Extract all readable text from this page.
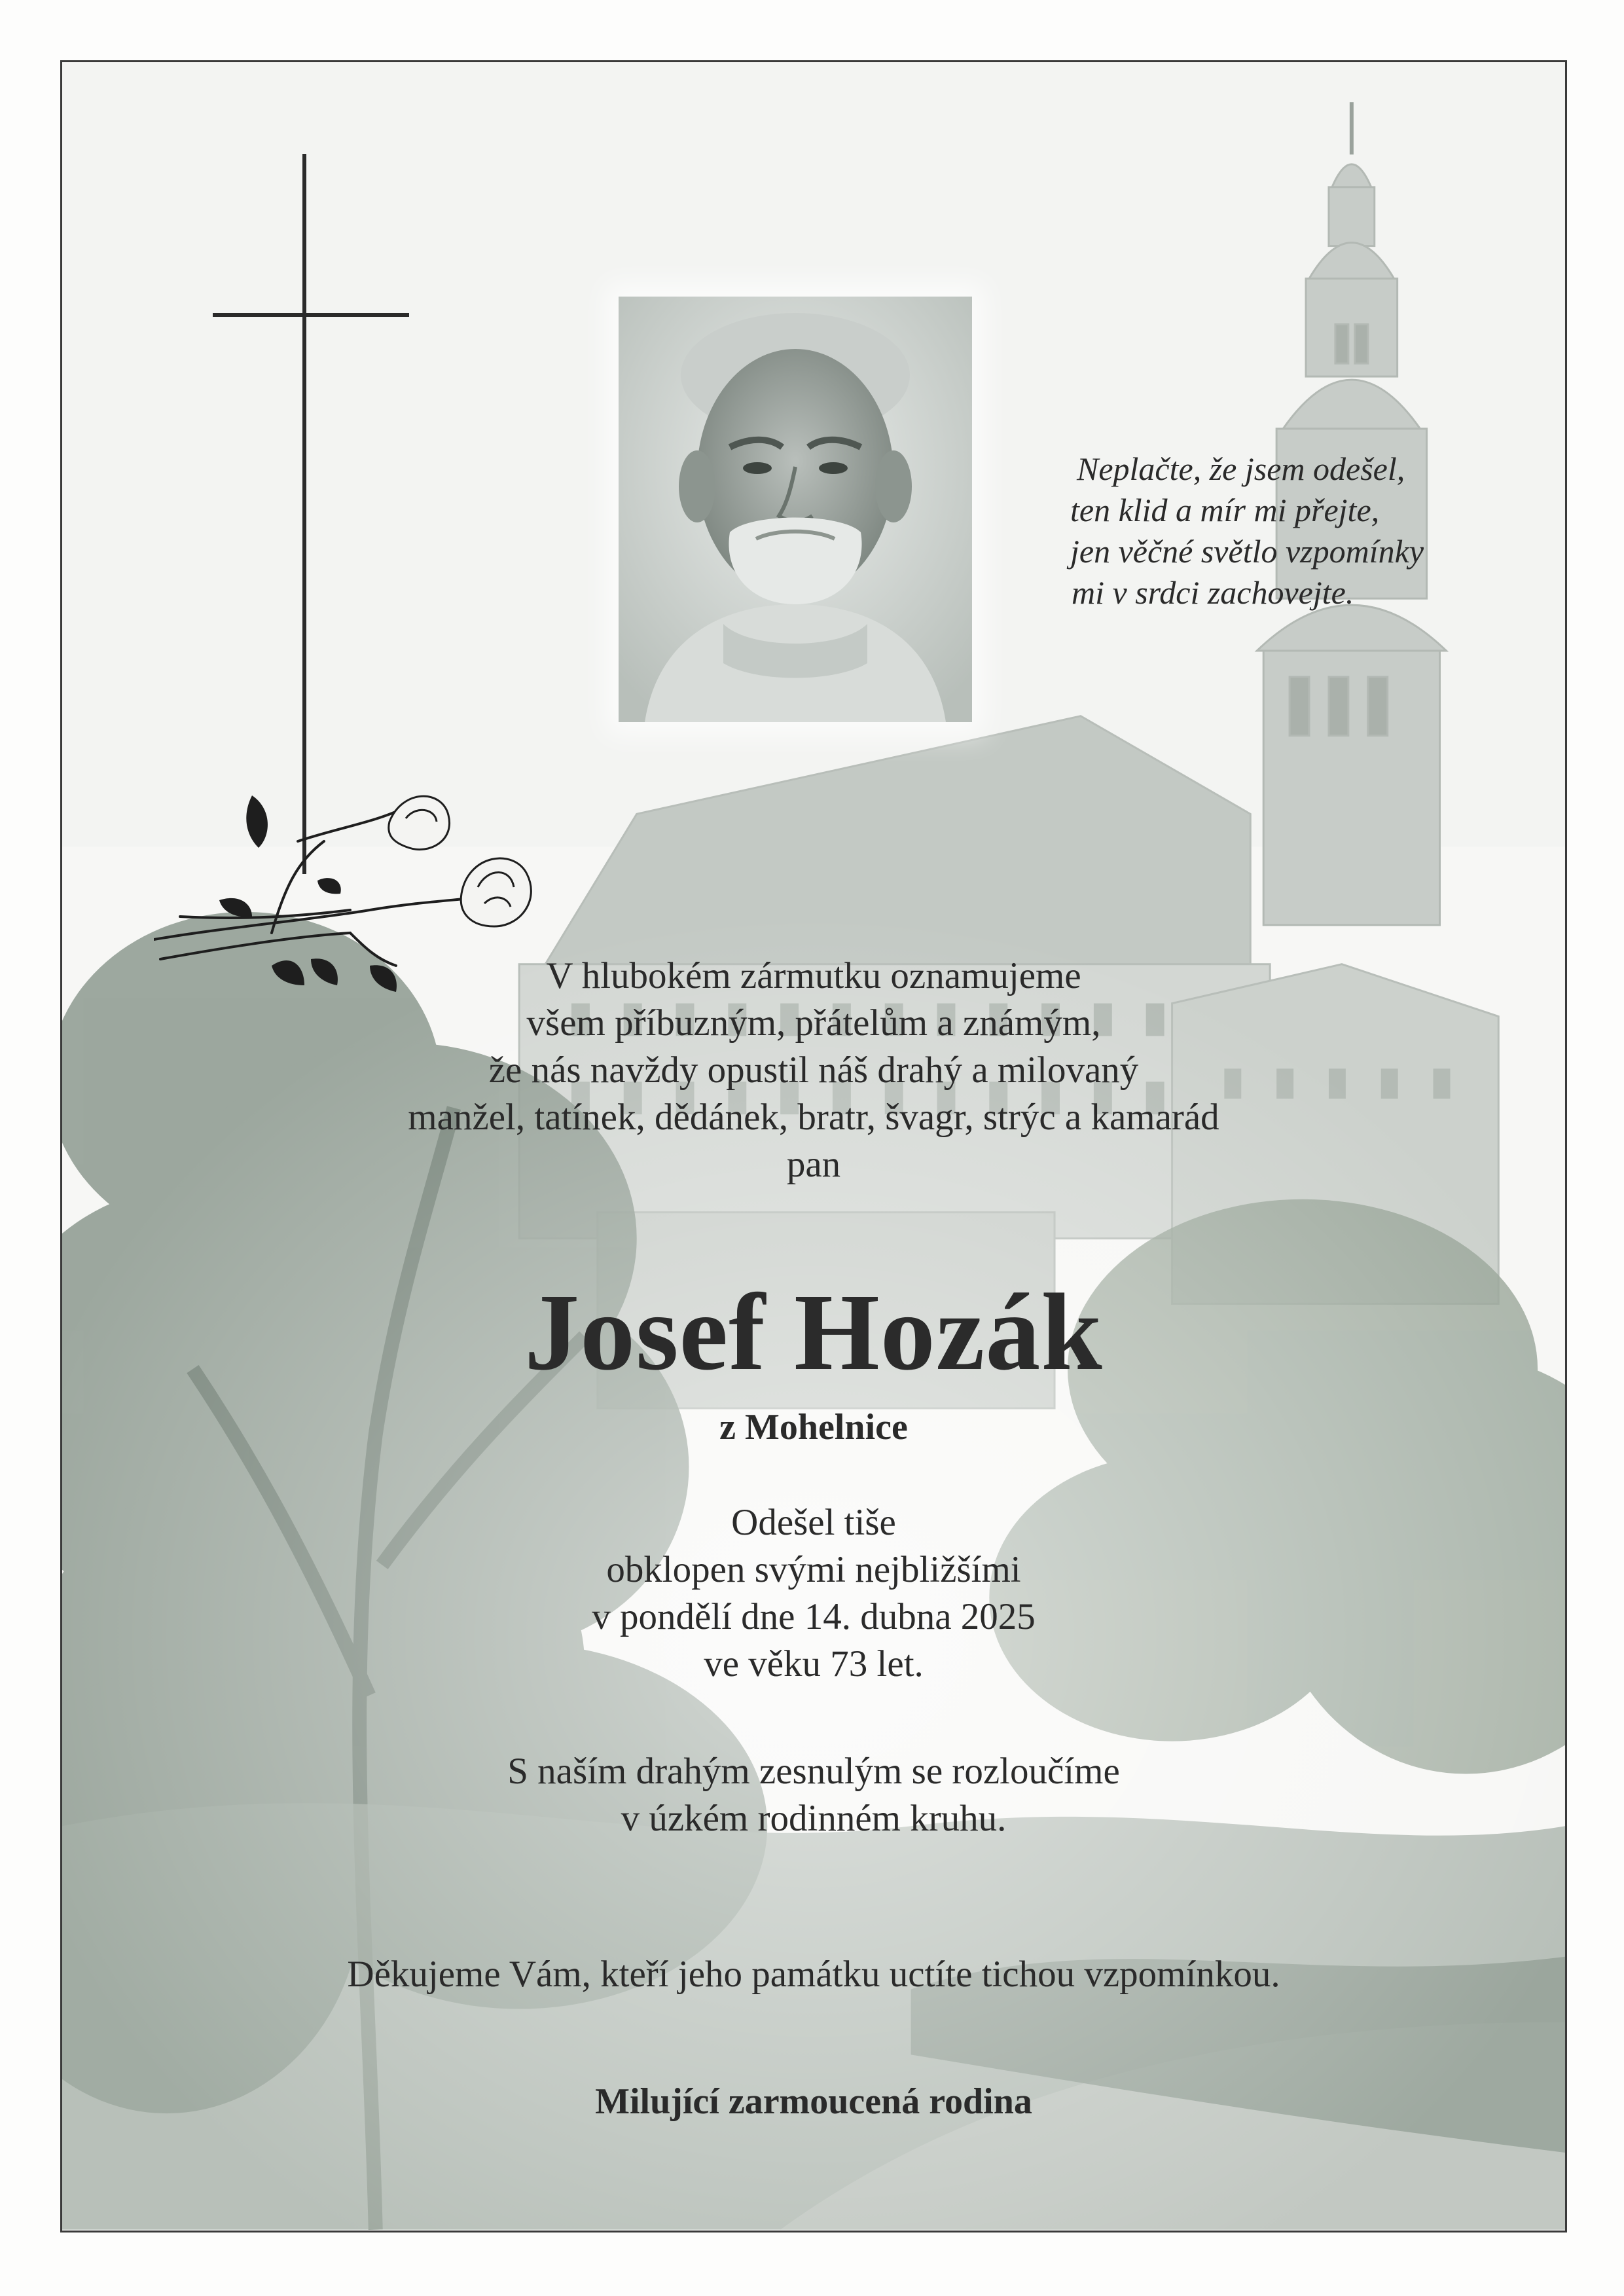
Neplačte, že jsem odešel,
ten klid a mír mi přejte,
jen věčné světlo vzpomínky
mi v srdci zachovejte.
V hlubokém zármutku oznamujeme
všem příbuzným, přátelům a známým,
že nás navždy opustil náš drahý a milovaný
manžel, tatínek, dědánek, bratr, švagr, strýc a kamarád
pan
Josef Hozák
z Mohelnice
Odešel tiše
obklopen svými nejbližšími
v pondělí dne 14. dubna 2025
ve věku 73 let.
S naším drahým zesnulým se rozloučíme
v úzkém rodinném kruhu.
Děkujeme Vám, kteří jeho památku uctíte tichou vzpomínkou.
Milující zarmoucená rodina
